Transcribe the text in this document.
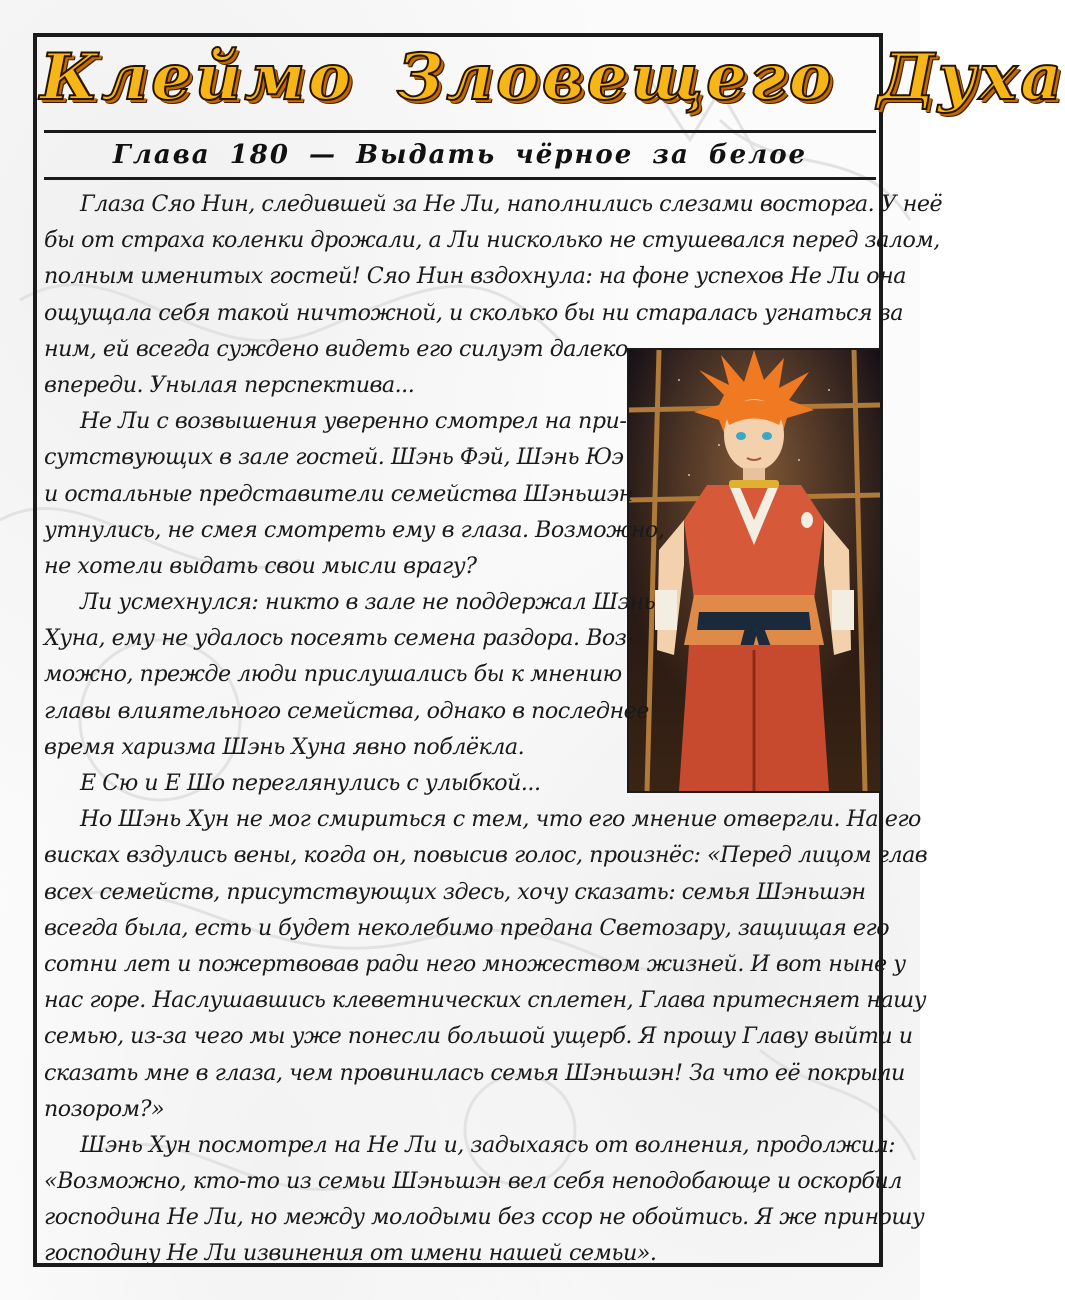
Клеймо Зловещего Духа
Глава 180 — Выдать чёрное за белое
Глаза Сяо Нин, следившей за Не Ли, наполнились слезами восторга. У неё
бы от страха коленки дрожали, а Ли нисколько не стушевался перед залом,
полным именитых гостей! Сяо Нин вздохнула: на фоне успехов Не Ли она
ощущала себя такой ничтожной, и сколько бы ни старалась угнаться за
ним, ей всегда суждено видеть его силуэт далеко
впереди. Унылая перспектива...
Не Ли с возвышения уверенно смотрел на при-
сутствующих в зале гостей. Шэнь Фэй, Шэнь Юэ
и остальные представители семейства Шэньшэн
утнулись, не смея смотреть ему в глаза. Возможно,
не хотели выдать свои мысли врагу?
Ли усмехнулся: никто в зале не поддержал Шэнь
Хуна, ему не удалось посеять семена раздора. Воз-
можно, прежде люди прислушались бы к мнению
главы влиятельного семейства, однако в последнее
время харизма Шэнь Хуна явно поблёкла.
Е Сю и Е Шо переглянулись с улыбкой...
Но Шэнь Хун не мог смириться с тем, что его мнение отвергли. На его
висках вздулись вены, когда он, повысив голос, произнёс: «Перед лицом глав
всех семейств, присутствующих здесь, хочу сказать: семья Шэньшэн
всегда была, есть и будет неколебимо предана Светозару, защищая его
сотни лет и пожертвовав ради него множеством жизней. И вот ныне у
нас горе. Наслушавшись клеветнических сплетен, Глава притесняет нашу
семью, из-за чего мы уже понесли большой ущерб. Я прошу Главу выйти и
сказать мне в глаза, чем провинилась семья Шэньшэн! За что её покрыли
позором?»
Шэнь Хун посмотрел на Не Ли и, задыхаясь от волнения, продолжил:
«Возможно, кто-то из семьи Шэньшэн вел себя неподобающе и оскорбил
господина Не Ли, но между молодыми без ссор не обойтись. Я же приношу
господину Не Ли извинения от имени нашей семьи».
